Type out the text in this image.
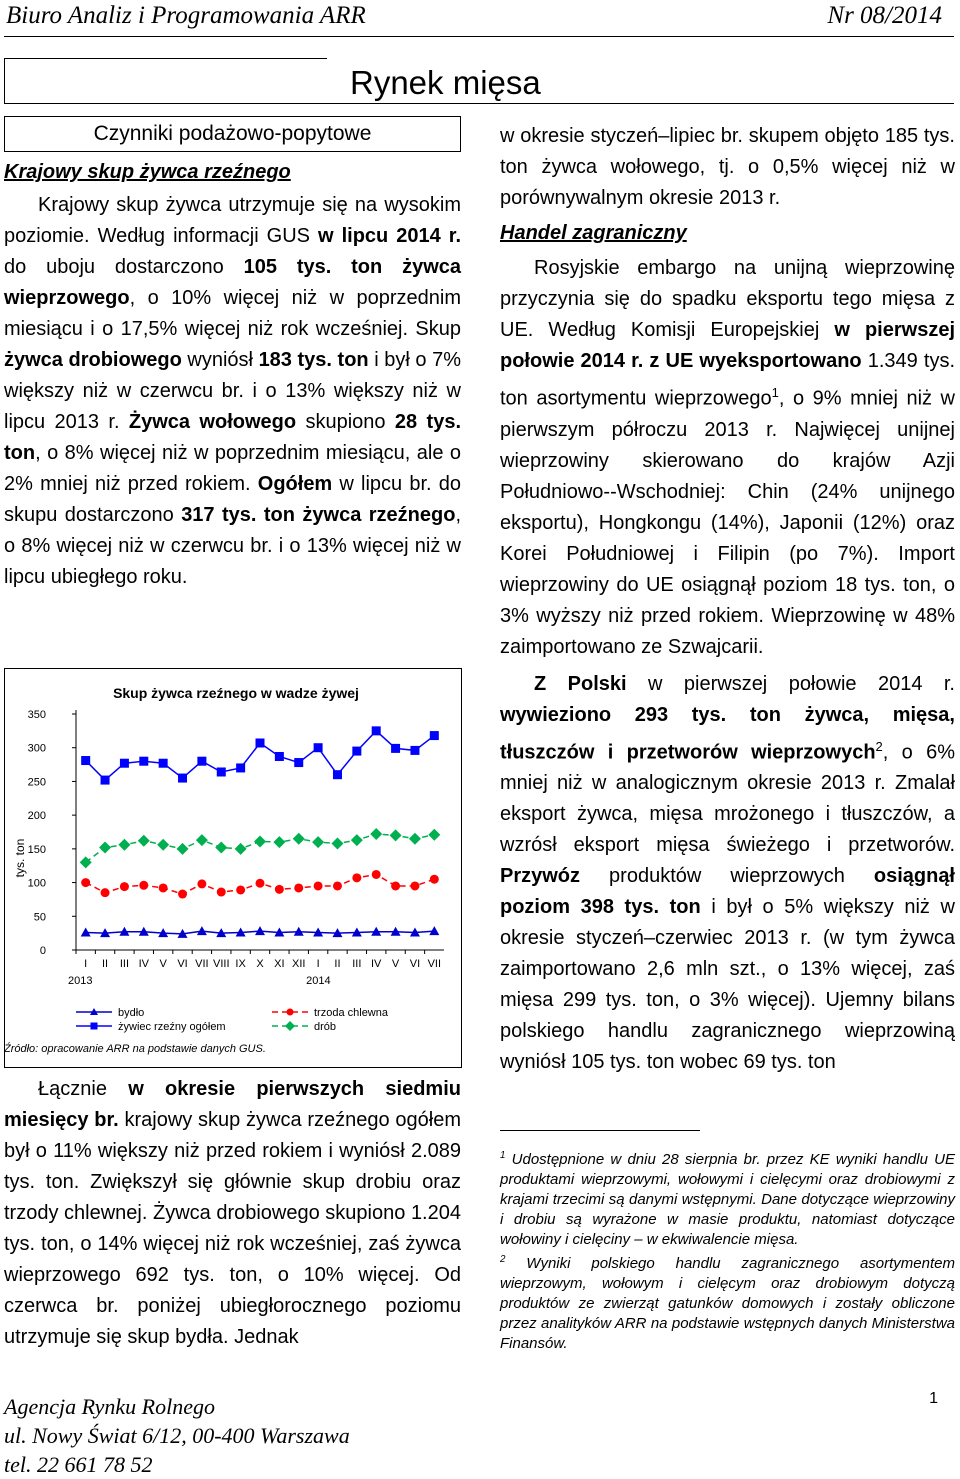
Biuro Analiz i Programowania ARR	Nr 08/2014
Rynek mięsa
Czynniki podażowo-popytowe

Krajowy skup żywca rzeźnego

Krajowy skup żywca utrzymuje się na wysokim poziomie. Według informacji GUS w lipcu 2014 r. do uboju dostarczono 105 tys. ton żywca wieprzowego, o 10% więcej niż w poprzednim miesiącu i o 17,5% więcej niż rok wcześniej. Skup żywca drobiowego wyniósł 183 tys. ton i był o 7% większy niż w czerwcu br. i o 13% większy niż w lipcu 2013 r. Żywca wołowego skupiono 28 tys. ton, o 8% więcej niż w poprzednim miesiącu, ale o 2% mniej niż przed rokiem. Ogółem w lipcu br. do skupu dostarczono 317 tys. ton żywca rzeźnego, o 8% więcej niż w czerwcu br. i o 13% więcej niż w lipcu ubiegłego roku.

Skup żywca rzeźnego w wadze żywej
tys. ton
0
50
100
150
200
250
300
350
I II III IV V VI VII VIII IX X XI XII I II III IV V VI VII
2013	2014
bydło	trzoda chlewna
żywiec rzeźny ogółem	drób
Źródło: opracowanie ARR na podstawie danych GUS.

Łącznie w okresie pierwszych siedmiu miesięcy br. krajowy skup żywca rzeźnego ogółem był o 11% większy niż przed rokiem i wyniósł 2.089 tys. ton. Zwiększył się głównie skup drobiu oraz trzody chlewnej. Żywca drobiowego skupiono 1.204 tys. ton, o 14% więcej niż rok wcześniej, zaś żywca wieprzowego 692 tys. ton, o 10% więcej. Od czerwca br. poniżej ubiegłorocznego poziomu utrzymuje się skup bydła. Jednak

w okresie styczeń–lipiec br. skupem objęto 185 tys. ton żywca wołowego, tj. o 0,5% więcej niż w porównywalnym okresie 2013 r.

Handel zagraniczny

Rosyjskie embargo na unijną wieprzowinę przyczynia się do spadku eksportu tego mięsa z UE. Według Komisji Europejskiej w pierwszej połowie 2014 r. z UE wyeksportowano 1.349 tys. ton asortymentu wieprzowego$^1$, o 9% mniej niż w pierwszym półroczu 2013 r. Najwięcej unijnej wieprzowiny skierowano do krajów Azji Południowo--Wschodniej: Chin (24% unijnego eksportu), Hongkongu (14%), Japonii (12%) oraz Korei Południowej i Filipin (po 7%). Import wieprzowiny do UE osiągnął poziom 18 tys. ton, o 3% wyższy niż przed rokiem. Wieprzowinę w 48% zaimportowano ze Szwajcarii.

Z Polski w pierwszej połowie 2014 r. wywieziono 293 tys. ton żywca, mięsa, tłuszczów i przetworów wieprzowych$^2$, o 6% mniej niż w analogicznym okresie 2013 r. Zmalał eksport żywca, mięsa mrożonego i tłuszczów, a wzrósł eksport mięsa świeżego i przetworów. Przywóz produktów wieprzowych osiągnął poziom 398 tys. ton i był o 5% większy niż w okresie styczeń–czerwiec 2013 r. (w tym żywca zaimportowano 2,6 mln szt., o 13% więcej, zaś mięsa 299 tys. ton, o 3% więcej). Ujemny bilans polskiego handlu zagranicznego wieprzowiną wyniósł 105 tys. ton wobec 69 tys. ton

$^1$ Udostępnione w dniu 28 sierpnia br. przez KE wyniki handlu UE produktami wieprzowymi, wołowymi i cielęcymi oraz drobiowymi z krajami trzecimi są danymi wstępnymi. Dane dotyczące wieprzowiny i drobiu są wyrażone w masie produktu, natomiast dotyczące wołowiny i cielęciny – w ekwiwalencie mięsa.

$^2$ Wyniki polskiego handlu zagranicznego asortymentem wieprzowym, wołowym i cielęcym oraz drobiowym dotyczą produktów ze zwierząt gatunków domowych i zostały obliczone przez analityków ARR na podstawie wstępnych danych Ministerstwa Finansów.

Agencja Rynku Rolnego
ul. Nowy Świat 6/12, 00-400 Warszawa
tel. 22 661 78 52
1
